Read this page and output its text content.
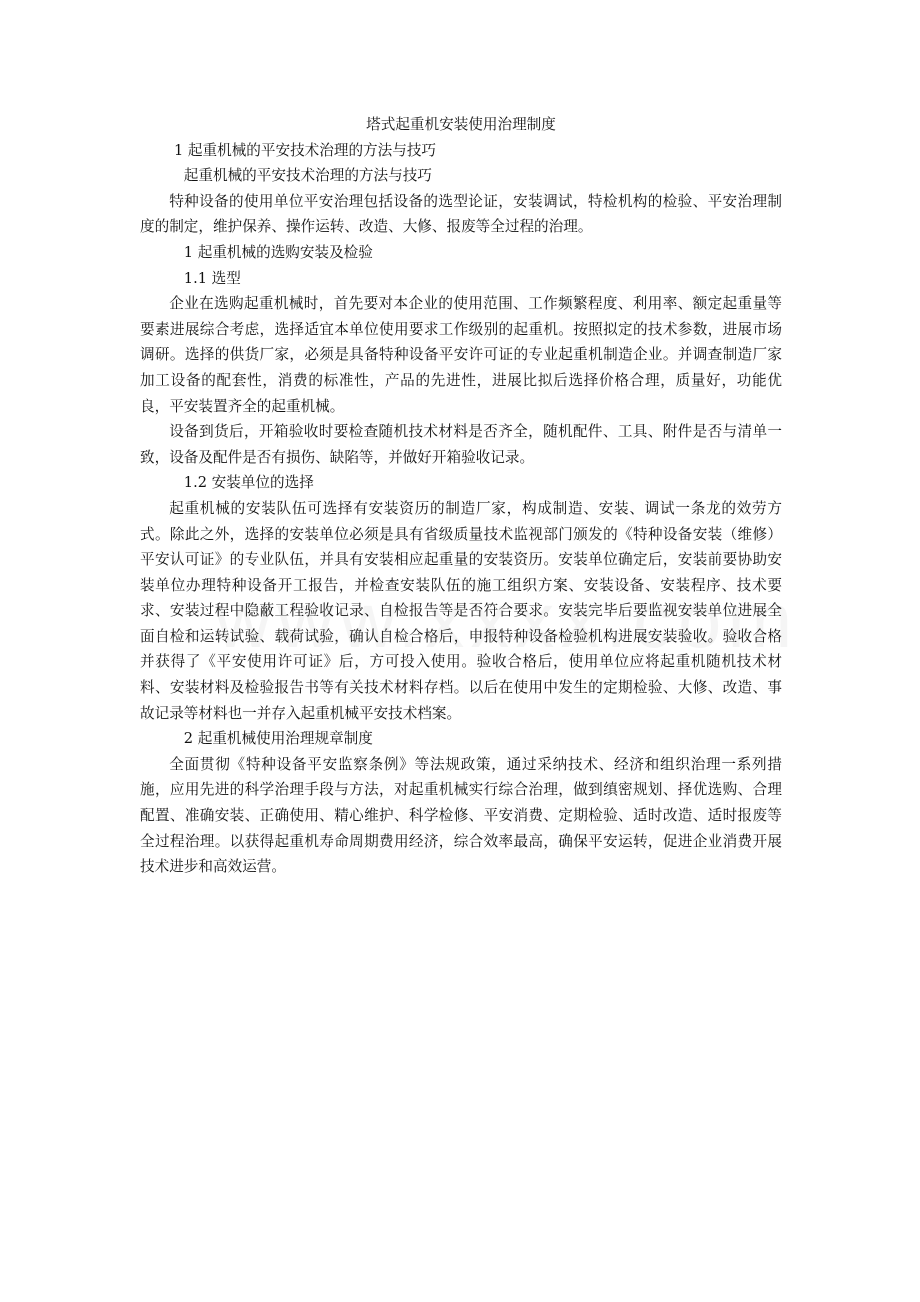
塔式起重机安装使用治理制度

1 起重机械的平安技术治理的方法与技巧

起重机械的平安技术治理的方法与技巧

特种设备的使用单位平安治理包括设备的选型论证，安装调试，特检机构的检验、平安治理制度的制定，维护保养、操作运转、改造、大修、报废等全过程的治理。

1 起重机械的选购安装及检验

1.1 选型

企业在选购起重机械时，首先要对本企业的使用范围、工作频繁程度、利用率、额定起重量等要素进展综合考虑，选择适宜本单位使用要求工作级别的起重机。按照拟定的技术参数，进展市场调研。选择的供货厂家，必须是具备特种设备平安许可证的专业起重机制造企业。并调查制造厂家加工设备的配套性，消费的标准性，产品的先进性，进展比拟后选择价格合理，质量好，功能优良，平安装置齐全的起重机械。

设备到货后，开箱验收时要检查随机技术材料是否齐全，随机配件、工具、附件是否与清单一致，设备及配件是否有损伤、缺陷等，并做好开箱验收记录。

1.2 安装单位的选择

起重机械的安装队伍可选择有安装资历的制造厂家，构成制造、安装、调试一条龙的效劳方式。除此之外，选择的安装单位必须是具有省级质量技术监视部门颁发的《特种设备安装（维修）平安认可证》的专业队伍，并具有安装相应起重量的安装资历。安装单位确定后，安装前要协助安装单位办理特种设备开工报告，并检查安装队伍的施工组织方案、安装设备、安装程序、技术要求、安装过程中隐蔽工程验收记录、自检报告等是否符合要求。安装完毕后要监视安装单位进展全面自检和运转试验、载荷试验，确认自检合格后，申报特种设备检验机构进展安装验收。验收合格并获得了《平安使用许可证》后，方可投入使用。验收合格后，使用单位应将起重机随机技术材料、安装材料及检验报告书等有关技术材料存档。以后在使用中发生的定期检验、大修、改造、事故记录等材料也一并存入起重机械平安技术档案。

2 起重机械使用治理规章制度

全面贯彻《特种设备平安监察条例》等法规政策，通过采纳技术、经济和组织治理一系列措施，应用先进的科学治理手段与方法，对起重机械实行综合治理，做到缜密规划、择优选购、合理配置、准确安装、正确使用、精心维护、科学检修、平安消费、定期检验、适时改造、适时报废等全过程治理。以获得起重机寿命周期费用经济，综合效率最高，确保平安运转，促进企业消费开展技术进步和高效运营。
